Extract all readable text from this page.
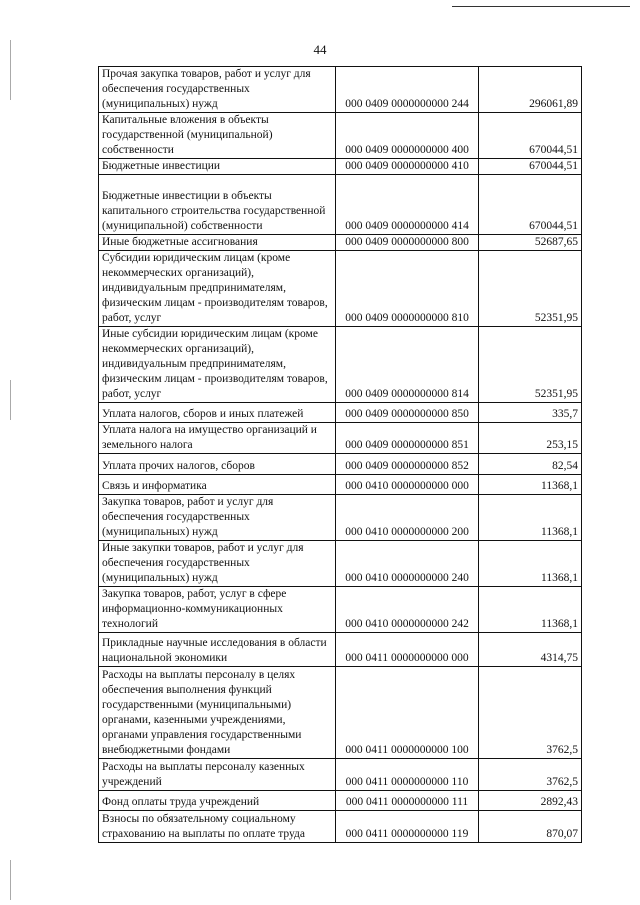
44
Прочая закупка товаров, работ и услуг для обеспечения государственных (муниципальных) нужд	000 0409 0000000000 244	296061,89
Капитальные вложения в объекты государственной (муниципальной) собственности	000 0409 0000000000 400	670044,51
Бюджетные инвестиции	000 0409 0000000000 410	670044,51
Бюджетные инвестиции в объекты капитального строительства государственной (муниципальной) собственности	000 0409 0000000000 414	670044,51
Иные бюджетные ассигнования	000 0409 0000000000 800	52687,65
Субсидии юридическим лицам (кроме некоммерческих организаций), индивидуальным предпринимателям, физическим лицам - производителям товаров, работ, услуг	000 0409 0000000000 810	52351,95
Иные субсидии юридическим лицам (кроме некоммерческих организаций), индивидуальным предпринимателям, физическим лицам - производителям товаров, работ, услуг	000 0409 0000000000 814	52351,95
Уплата налогов, сборов и иных платежей	000 0409 0000000000 850	335,7
Уплата налога на имущество организаций и земельного налога	000 0409 0000000000 851	253,15
Уплата прочих налогов, сборов	000 0409 0000000000 852	82,54
Связь и информатика	000 0410 0000000000 000	11368,1
Закупка товаров, работ и услуг для обеспечения государственных (муниципальных) нужд	000 0410 0000000000 200	11368,1
Иные закупки товаров, работ и услуг для обеспечения государственных (муниципальных) нужд	000 0410 0000000000 240	11368,1
Закупка товаров, работ, услуг в сфере информационно-коммуникационных технологий	000 0410 0000000000 242	11368,1
Прикладные научные исследования в области национальной экономики	000 0411 0000000000 000	4314,75
Расходы на выплаты персоналу в целях обеспечения выполнения функций государственными (муниципальными) органами, казенными учреждениями, органами управления государственными внебюджетными фондами	000 0411 0000000000 100	3762,5
Расходы на выплаты персоналу казенных учреждений	000 0411 0000000000 110	3762,5
Фонд оплаты труда учреждений	000 0411 0000000000 111	2892,43
Взносы по обязательному социальному страхованию на выплаты по оплате труда	000 0411 0000000000 119	870,07
